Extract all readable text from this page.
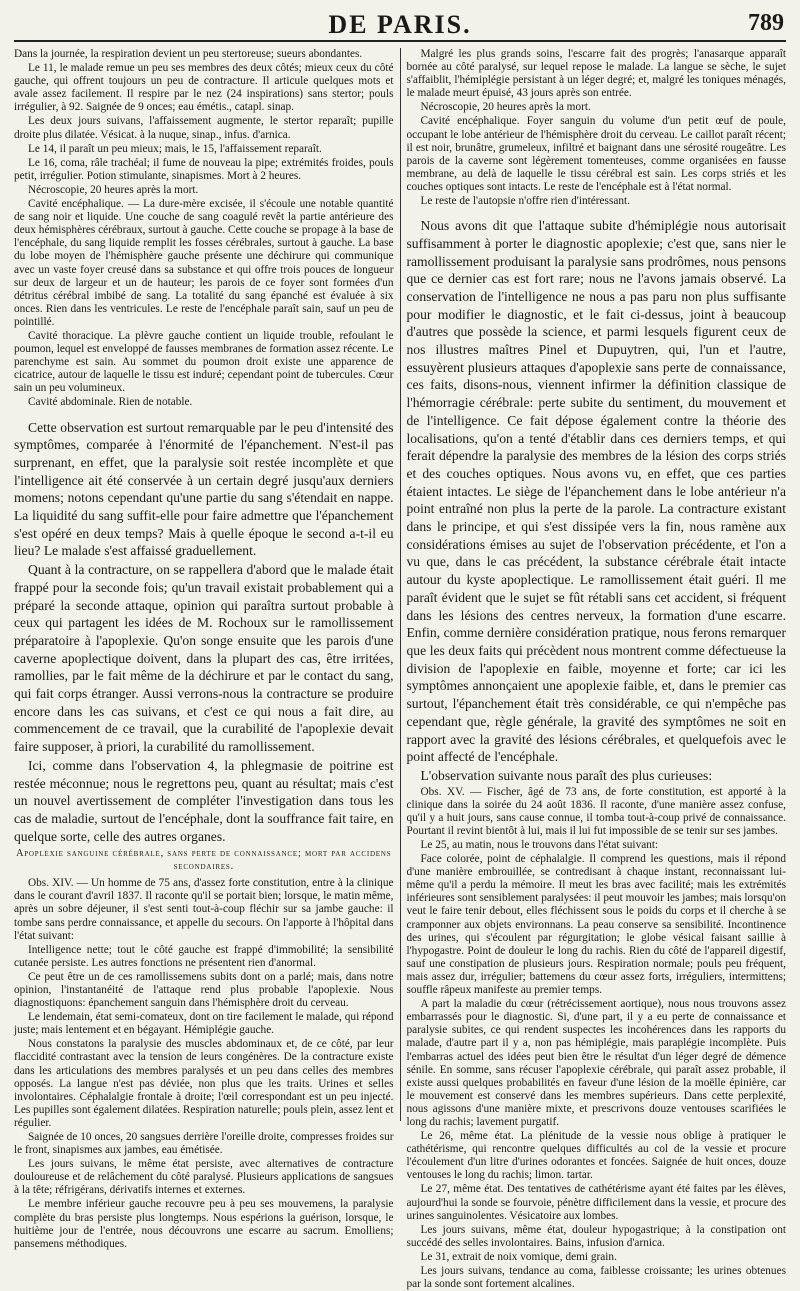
DE PARIS.	789

Dans la journée, la respiration devient un peu stertoreuse; sueurs abondantes.

Le 11, le malade remue un peu ses membres des deux côtés; mieux ceux du côté gauche, qui offrent toujours un peu de contracture. Il articule quelques mots et avale assez facilement. Il respire par le nez (24 inspirations) sans stertor; pouls irrégulier, à 92. Saignée de 9 onces; eau émétis., catapl. sinap.

Les deux jours suivans, l'affaissement augmente, le stertor reparaît; pupille droite plus dilatée. Vésicat. à la nuque, sinap., infus. d'arnica.

Le 14, il paraît un peu mieux; mais, le 15, l'affaissement reparaît.

Le 16, coma, râle trachéal; il fume de nouveau la pipe; extrémités froides, pouls petit, irrégulier. Potion stimulante, sinapismes. Mort à 2 heures.

Nécroscopie, 20 heures après la mort.

Cavité encéphalique. — La dure-mère excisée, il s'écoule une notable quantité de sang noir et liquide. Une couche de sang coagulé revêt la partie antérieure des deux hémisphères cérébraux, surtout à gauche. Cette couche se propage à la base de l'encéphale, du sang liquide remplit les fosses cérébrales, surtout à gauche. La base du lobe moyen de l'hémisphère gauche présente une déchirure qui communique avec un vaste foyer creusé dans sa substance et qui offre trois pouces de longueur sur deux de largeur et un de hauteur; les parois de ce foyer sont formées d'un détritus cérébral imbibé de sang. La totalité du sang épanché est évaluée à six onces. Rien dans les ventricules. Le reste de l'encéphale paraît sain, sauf un peu de pointillé.

Cavité thoracique. La plèvre gauche contient un liquide trouble, refoulant le poumon, lequel est enveloppé de fausses membranes de formation assez récente. Le parenchyme est sain. Au sommet du poumon droit existe une apparence de cicatrice, autour de laquelle le tissu est induré; cependant point de tubercules. Cœur sain un peu volumineux.

Cavité abdominale. Rien de notable.

Cette observation est surtout remarquable par le peu d'intensité des symptômes, comparée à l'énormité de l'épanchement. N'est-il pas surprenant, en effet, que la paralysie soit restée incomplète et que l'intelligence ait été conservée à un certain degré jusqu'aux derniers momens; notons cependant qu'une partie du sang s'étendait en nappe. La liquidité du sang suffit-elle pour faire admettre que l'épanchement s'est opéré en deux temps? Mais à quelle époque le second a-t-il eu lieu? Le malade s'est affaissé graduellement.

Quant à la contracture, on se rappellera d'abord que le malade était frappé pour la seconde fois; qu'un travail existait probablement qui a préparé la seconde attaque, opinion qui paraîtra surtout probable à ceux qui partagent les idées de M. Rochoux sur le ramollissement préparatoire à l'apoplexie. Qu'on songe ensuite que les parois d'une caverne apoplectique doivent, dans la plupart des cas, être irritées, ramollies, par le fait même de la déchirure et par le contact du sang, qui fait corps étranger. Aussi verrons-nous la contracture se produire encore dans les cas suivans, et c'est ce qui nous a fait dire, au commencement de ce travail, que la curabilité de l'apoplexie devait faire supposer, à priori, la curabilité du ramollissement.

Ici, comme dans l'observation 4, la phlegmasie de poitrine est restée méconnue; nous le regrettons peu, quant au résultat; mais c'est un nouvel avertissement de compléter l'investigation dans tous les cas de maladie, surtout de l'encéphale, dont la souffrance fait taire, en quelque sorte, celle des autres organes.

Apoplexie sanguine cérébrale, sans perte de connaissance; mort par accidens secondaires.

Obs. XIV. — Un homme de 75 ans, d'assez forte constitution, entre à la clinique dans le courant d'avril 1837. Il raconte qu'il se portait bien; lorsque, le matin même, après un sobre déjeuner, il s'est senti tout-à-coup fléchir sur sa jambe gauche: il tombe sans perdre connaissance, et appelle du secours. On l'apporte à l'hôpital dans l'état suivant:

Intelligence nette; tout le côté gauche est frappé d'immobilité; la sensibilité cutanée persiste. Les autres fonctions ne présentent rien d'anormal.

Ce peut être un de ces ramollissemens subits dont on a parlé; mais, dans notre opinion, l'instantanéité de l'attaque rend plus probable l'apoplexie. Nous diagnostiquons: épanchement sanguin dans l'hémisphère droit du cerveau.

Le lendemain, état semi-comateux, dont on tire facilement le malade, qui répond juste; mais lentement et en bégayant. Hémiplégie gauche.

Nous constatons la paralysie des muscles abdominaux et, de ce côté, par leur flaccidité contrastant avec la tension de leurs congénères. De la contracture existe dans les articulations des membres paralysés et un peu dans celles des membres opposés. La langue n'est pas déviée, non plus que les traits. Urines et selles involontaires. Céphalalgie frontale à droite; l'œil correspondant est un peu injecté. Les pupilles sont également dilatées. Respiration naturelle; pouls plein, assez lent et régulier.

Saignée de 10 onces, 20 sangsues derrière l'oreille droite, compresses froides sur le front, sinapismes aux jambes, eau émétisée.

Les jours suivans, le même état persiste, avec alternatives de contracture douloureuse et de relâchement du côté paralysé. Plusieurs applications de sangsues à la tête; réfrigérans, dérivatifs internes et externes.

Le membre inférieur gauche recouvre peu à peu ses mouvemens, la paralysie complète du bras persiste plus longtemps. Nous espérions la guérison, lorsque, le huitième jour de l'entrée, nous découvrons une escarre au sacrum. Emolliens; pansemens méthodiques.

Malgré les plus grands soins, l'escarre fait des progrès; l'anasarque apparaît bornée au côté paralysé, sur lequel repose le malade. La langue se sèche, le sujet s'affaiblit, l'hémiplégie persistant à un léger degré; et, malgré les toniques ménagés, le malade meurt épuisé, 43 jours après son entrée.

Nécroscopie, 20 heures après la mort.

Cavité encéphalique. Foyer sanguin du volume d'un petit œuf de poule, occupant le lobe antérieur de l'hémisphère droit du cerveau. Le caillot paraît récent; il est noir, brunâtre, grumeleux, infiltré et baignant dans une sérosité rougeâtre. Les parois de la caverne sont légèrement tomenteuses, comme organisées en fausse membrane, au delà de laquelle le tissu cérébral est sain. Les corps striés et les couches optiques sont intacts. Le reste de l'encéphale est à l'état normal.

Le reste de l'autopsie n'offre rien d'intéressant.

Nous avons dit que l'attaque subite d'hémiplégie nous autorisait suffisamment à porter le diagnostic apoplexie; c'est que, sans nier le ramollissement produisant la paralysie sans prodrômes, nous pensons que ce dernier cas est fort rare; nous ne l'avons jamais observé. La conservation de l'intelligence ne nous a pas paru non plus suffisante pour modifier le diagnostic, et le fait ci-dessus, joint à beaucoup d'autres que possède la science, et parmi lesquels figurent ceux de nos illustres maîtres Pinel et Dupuytren, qui, l'un et l'autre, essuyèrent plusieurs attaques d'apoplexie sans perte de connaissance, ces faits, disons-nous, viennent infirmer la définition classique de l'hémorragie cérébrale: perte subite du sentiment, du mouvement et de l'intelligence. Ce fait dépose également contre la théorie des localisations, qu'on a tenté d'établir dans ces derniers temps, et qui ferait dépendre la paralysie des membres de la lésion des corps striés et des couches optiques. Nous avons vu, en effet, que ces parties étaient intactes. Le siège de l'épanchement dans le lobe antérieur n'a point entraîné non plus la perte de la parole. La contracture existant dans le principe, et qui s'est dissipée vers la fin, nous ramène aux considérations émises au sujet de l'observation précédente, et l'on a vu que, dans le cas précédent, la substance cérébrale était intacte autour du kyste apoplectique. Le ramollissement était guéri. Il me paraît évident que le sujet se fût rétabli sans cet accident, si fréquent dans les lésions des centres nerveux, la formation d'une escarre. Enfin, comme dernière considération pratique, nous ferons remarquer que les deux faits qui précèdent nous montrent comme défectueuse la division de l'apoplexie en faible, moyenne et forte; car ici les symptômes annonçaient une apoplexie faible, et, dans le premier cas surtout, l'épanchement était très considérable, ce qui n'empêche pas cependant que, règle générale, la gravité des symptômes ne soit en rapport avec la gravité des lésions cérébrales, et quelquefois avec le point affecté de l'encéphale.

L'observation suivante nous paraît des plus curieuses:

Obs. XV. — Fischer, âgé de 73 ans, de forte constitution, est apporté à la clinique dans la soirée du 24 août 1836. Il raconte, d'une manière assez confuse, qu'il y a huit jours, sans cause connue, il tomba tout-à-coup privé de connaissance. Pourtant il revint bientôt à lui, mais il lui fut impossible de se tenir sur ses jambes.

Le 25, au matin, nous le trouvons dans l'état suivant:

Face colorée, point de céphalalgie. Il comprend les questions, mais il répond d'une manière embrouillée, se contredisant à chaque instant, reconnaissant lui-même qu'il a perdu la mémoire. Il meut les bras avec facilité; mais les extrémités inférieures sont sensiblement paralysées: il peut mouvoir les jambes; mais lorsqu'on veut le faire tenir debout, elles fléchissent sous le poids du corps et il cherche à se cramponner aux objets environnans. La peau conserve sa sensibilité. Incontinence des urines, qui s'écoulent par régurgitation; le globe vésical faisant saillie à l'hypogastre. Point de douleur le long du rachis. Rien du côté de l'appareil digestif, sauf une constipation de plusieurs jours. Respiration normale; pouls peu fréquent, mais assez dur, irrégulier; battemens du cœur assez forts, irréguliers, intermittens; souffle râpeux manifeste au premier temps.

A part la maladie du cœur (rétrécissement aortique), nous nous trouvons assez embarrassés pour le diagnostic. Si, d'une part, il y a eu perte de connaissance et paralysie subites, ce qui rendent suspectes les incohérences dans les rapports du malade, d'autre part il y a, non pas hémiplégie, mais paraplégie incomplète. Puis l'embarras actuel des idées peut bien être le résultat d'un léger degré de démence sénile. En somme, sans récuser l'apoplexie cérébrale, qui paraît assez probable, il existe aussi quelques probabilités en faveur d'une lésion de la moëlle épinière, car le mouvement est conservé dans les membres supérieurs. Dans cette perplexité, nous agissons d'une manière mixte, et prescrivons douze ventouses scarifiées le long du rachis; lavement purgatif.

Le 26, même état. La plénitude de la vessie nous oblige à pratiquer le cathétérisme, qui rencontre quelques difficultés au col de la vessie et procure l'écoulement d'un litre d'urines odorantes et foncées. Saignée de huit onces, douze ventouses le long du rachis; limon. tartar.

Le 27, même état. Des tentatives de cathétérisme ayant été faites par les élèves, aujourd'hui la sonde se fourvoie, pénètre difficilement dans la vessie, et procure des urines sanguinolentes. Vésicatoire aux lombes.

Les jours suivans, même état, douleur hypogastrique; à la constipation ont succédé des selles involontaires. Bains, infusion d'arnica.

Le 31, extrait de noix vomique, demi grain.

Les jours suivans, tendance au coma, faiblesse croissante; les urines obtenues par la sonde sont fortement alcalines.
